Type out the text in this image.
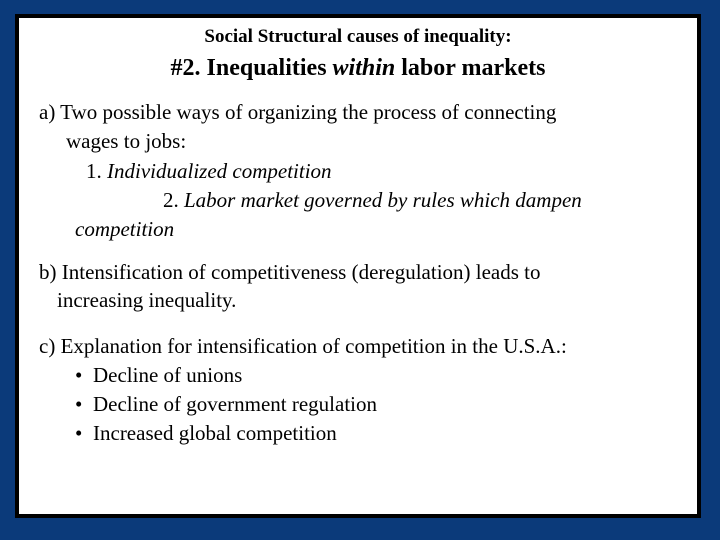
Social Structural causes of inequality:
#2. Inequalities within labor markets
a) Two possible ways of organizing the process of connecting
wages to jobs:
1. Individualized competition
2. Labor market governed by rules which dampen
competition
b) Intensification of competitiveness (deregulation) leads to
increasing inequality.
c) Explanation for intensification of competition in the U.S.A.:
• Decline of unions
• Decline of government regulation
• Increased global competition
